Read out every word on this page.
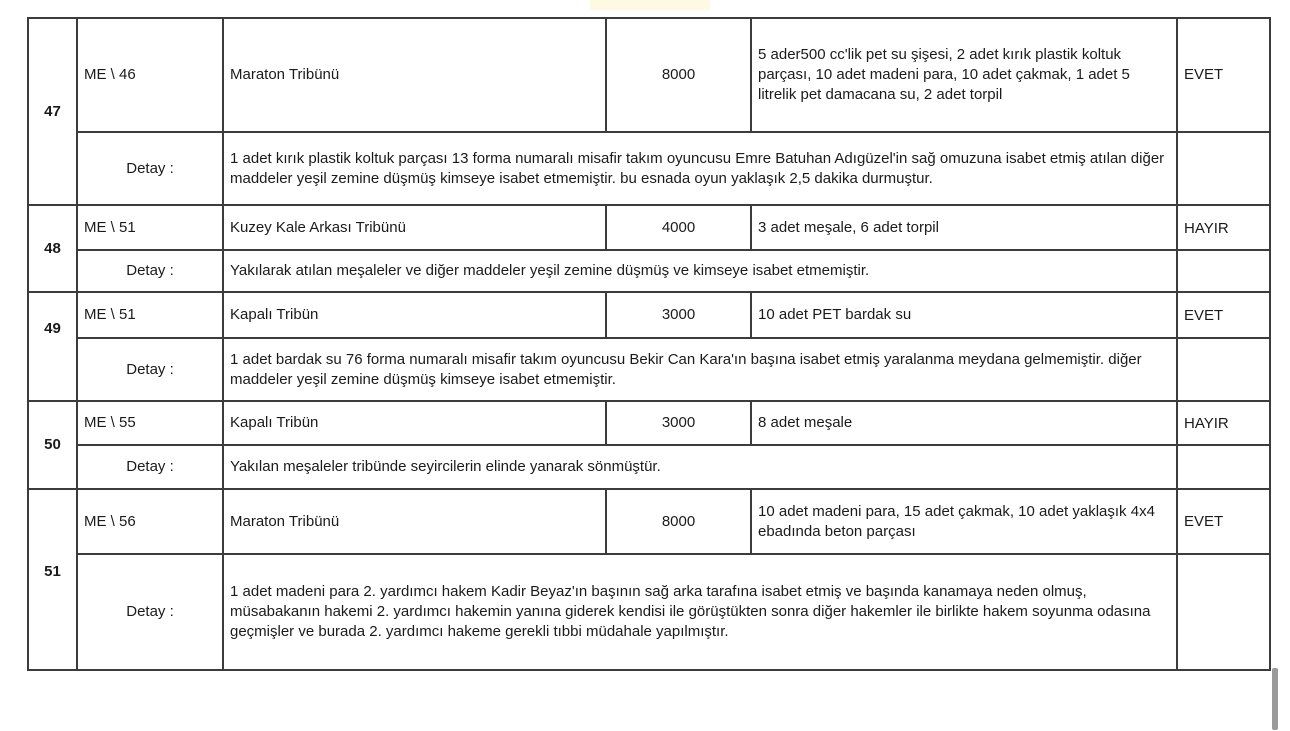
47	ME \ 46	Maraton Tribünü	8000	5 ader500 cc'lik pet su şişesi, 2 adet kırık plastik koltuk parçası, 10 adet madeni para, 10 adet çakmak, 1 adet 5 litrelik pet damacana su, 2 adet torpil	EVET
	Detay :	1 adet kırık plastik koltuk parçası 13 forma numaralı misafir takım oyuncusu Emre Batuhan Adıgüzel'in sağ omuzuna isabet etmiş atılan diğer maddeler yeşil zemine düşmüş kimseye isabet etmemiştir. bu esnada oyun yaklaşık 2,5 dakika durmuştur.			
48	ME \ 51	Kuzey Kale Arkası Tribünü	4000	3 adet meşale, 6 adet torpil	HAYIR
	Detay :	Yakılarak atılan meşaleler ve diğer maddeler yeşil zemine düşmüş ve kimseye isabet etmemiştir.			
49	ME \ 51	Kapalı Tribün	3000	10 adet PET bardak su	EVET
	Detay :	1 adet bardak su 76 forma numaralı misafir takım oyuncusu Bekir Can Kara'ın başına isabet etmiş yaralanma meydana gelmemiştir. diğer maddeler yeşil zemine düşmüş kimseye isabet etmemiştir.			
50	ME \ 55	Kapalı Tribün	3000	8 adet meşale	HAYIR
	Detay :	Yakılan meşaleler tribünde seyircilerin elinde yanarak sönmüştür.			
51	ME \ 56	Maraton Tribünü	8000	10 adet madeni para, 15 adet çakmak, 10 adet yaklaşık 4x4 ebadında beton parçası	EVET
	Detay :	1 adet madeni para 2. yardımcı hakem Kadir Beyaz'ın başının sağ arka tarafına isabet etmiş ve başında kanamaya neden olmuş, müsabakanın hakemi 2. yardımcı hakemin yanına giderek kendisi ile görüştükten sonra diğer hakemler ile birlikte hakem soyunma odasına geçmişler ve burada 2. yardımcı hakeme gerekli tıbbi müdahale yapılmıştır.			
